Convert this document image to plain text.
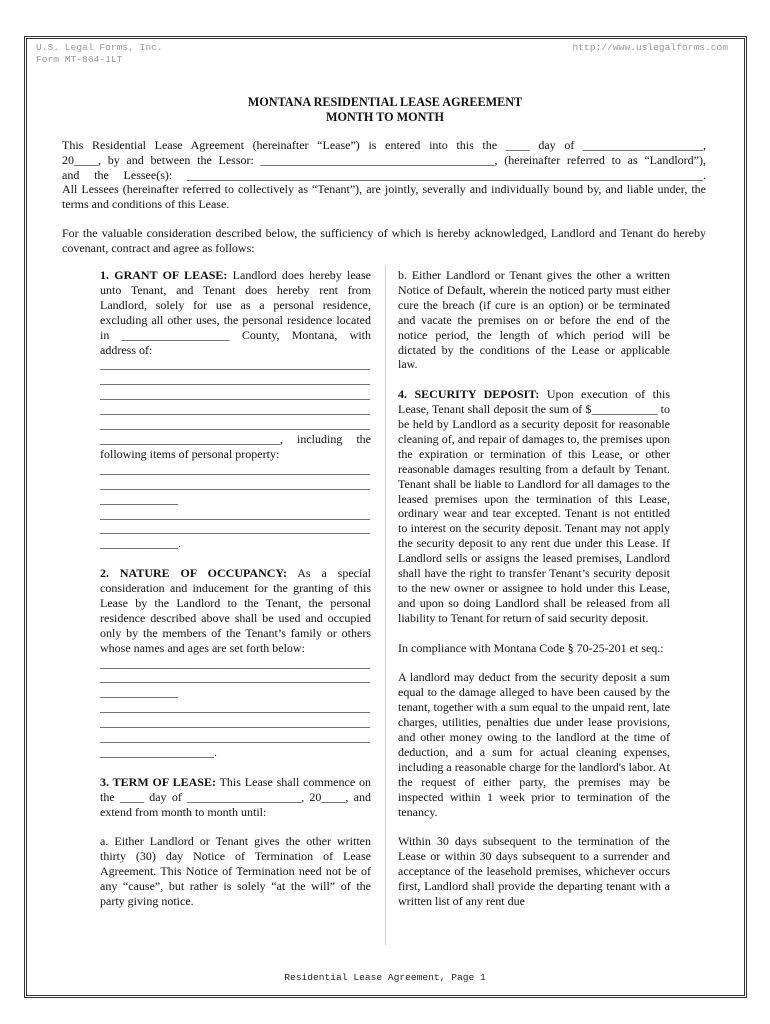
U.S. Legal Forms, Inc.
Form MT-864-1LT
http://www.uslegalforms.com
MONTANA RESIDENTIAL LEASE AGREEMENT
MONTH TO MONTH

This Residential Lease Agreement (hereinafter “Lease”) is entered into this the ____ day of ____________________,

20____, by and between the Lessor: _______________________________________, (hereinafter referred to as “Landlord”),

and the Lessee(s): ______________________________________________________________________________________.

All Lessees (hereinafter referred to collectively as “Tenant”), are jointly, severally and individually bound by, and liable under, the terms and conditions of this Lease.

For the valuable consideration described below, the sufficiency of which is hereby acknowledged, Landlord and Tenant do hereby covenant, contract and agree as follows:

1. GRANT OF LEASE: Landlord does hereby lease unto Tenant, and Tenant does hereby rent from Landlord, solely for use as a personal residence, excluding all other uses, the personal residence located in __________________ County, Montana, with address of:

_____________________________________________
_____________________________________________
_____________________________________________
_____________________________________________
_____________________________________________

______________________________, including the following items of personal property:

_____________________________________________
_____________________________________________
_____________
_____________________________________________
_____________________________________________
_____________.

2. NATURE OF OCCUPANCY: As a special consideration and inducement for the granting of this Lease by the Landlord to the Tenant, the personal residence described above shall be used and occupied only by the members of the Tenant’s family or others whose names and ages are set forth below:

_____________________________________________
_____________________________________________
_____________
_____________________________________________
_____________________________________________
_____________________________________________
___________________.

3. TERM OF LEASE: This Lease shall commence on the ____ day of ___________________, 20____, and extend from month to month until:

a. Either Landlord or Tenant gives the other written thirty (30) day Notice of Termination of Lease Agreement. This Notice of Termination need not be of any “cause”, but rather is solely “at the will” of the party giving notice.

b. Either Landlord or Tenant gives the other a written Notice of Default, wherein the noticed party must either cure the breach (if cure is an option) or be terminated and vacate the premises on or before the end of the notice period, the length of which period will be dictated by the conditions of the Lease or applicable law.

4. SECURITY DEPOSIT: Upon execution of this Lease, Tenant shall deposit the sum of $___________ to be held by Landlord as a security deposit for reasonable cleaning of, and repair of damages to, the premises upon the expiration or termination of this Lease, or other reasonable damages resulting from a default by Tenant. Tenant shall be liable to Landlord for all damages to the leased premises upon the termination of this Lease, ordinary wear and tear excepted. Tenant is not entitled to interest on the security deposit. Tenant may not apply the security deposit to any rent due under this Lease. If Landlord sells or assigns the leased premises, Landlord shall have the right to transfer Tenant’s security deposit to the new owner or assignee to hold under this Lease, and upon so doing Landlord shall be released from all liability to Tenant for return of said security deposit.

In compliance with Montana Code § 70-25-201 et seq.:

A landlord may deduct from the security deposit a sum equal to the damage alleged to have been caused by the tenant, together with a sum equal to the unpaid rent, late charges, utilities, penalties due under lease provisions, and other money owing to the landlord at the time of deduction, and a sum for actual cleaning expenses, including a reasonable charge for the landlord's labor. At the request of either party, the premises may be inspected within 1 week prior to termination of the tenancy.

Within 30 days subsequent to the termination of the Lease or within 30 days subsequent to a surrender and acceptance of the leasehold premises, whichever occurs first, Landlord shall provide the departing tenant with a written list of any rent due

Residential Lease Agreement, Page 1
